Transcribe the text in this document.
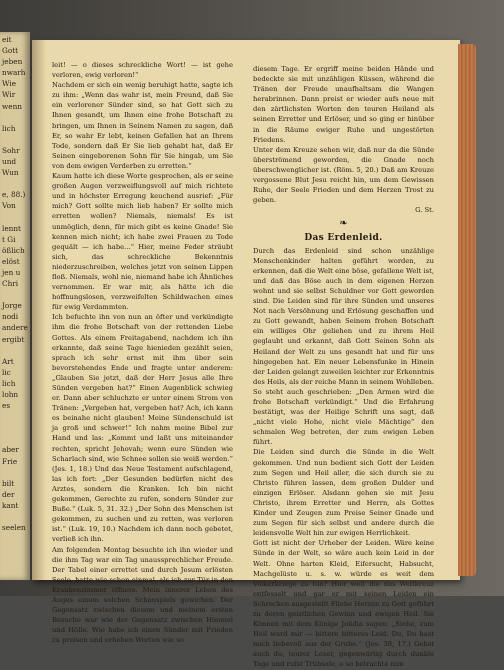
eit
Gott
jeben
nwarh
Wie
Wir
wenn

lich

Sohr
und
Wun

e, 88.)
Von

lennt
t Gi
ößlich
elöst
jen u
Chri

Jorge
nodi
andere
ergibt

Art
lic
lich
lohn
es

aber
Frie

bilt
der
kant

seelen

leit! — o dieses schreckliche Wort! — ist gehe verloren, ewig verloren!“

Nachdem er sich ein wenig beruhigt hatte, sagte ich zu ihm: „Wenn das wahr ist, mein Freund, daß Sie ein verlorener Sünder sind, so hat Gott sich zu Ihnen gesandt, um Ihnen eine frohe Botschaft zu bringen, um Ihnen in Seinem Namen zu sagen, daß Er, so wahr Er lebt, keinen Gefallen hat an Ihrem Tode, sondern daß Er Sie lieb gehabt hat, daß Er Seinen eingeborenen Sohn für Sie hingab, um Sie von dem ewigen Verderben zu erretten.“

Kaum hatte ich diese Worte gesprochen, als er seine großen Augen verzweiflungsvoll auf mich richtete und in höchster Erregung keuchend ausrief: „Für mich? Gott sollte mich lieb haben? Er sollte mich erretten wollen? Niemals, niemals! Es ist unmöglich, denn, für mich gibt es keine Gnade! Sie kennen mich nicht; ich habe zwei Frauen zu Tode gequält — ich habe...“ Hier, meine Feder sträubt sich, das schreckliche Bekenntnis niederzuschreiben, welches jetzt von seinen Lippen floß. Niemals, wohl nie, niemand habe ich Ähnliches vernommen. Er war mir, als hätte ich die hoffnungslosen, verzweifelten Schildwachen eines für ewig Verdammten.

Ich befuchte ihn von nun an öfter und verkündigte ihm die frohe Botschaft von der rettenden Liebe Gottes. Als einem Freitagabend, nachdem ich ihn erkannte, daß seine Tage hienieden gezählt seien, sprach ich sehr ernst mit ihm über sein bevorstehendes Ende und fragte unter anderem: „Glauben Sie jetzt, daß der Herr Jesus alle Ihre Sünden vergeben hat?“ Einen Augenblick schwieg er. Dann aber schluchzte er unter einem Strom von Tränen: „Vergeben hat, vergeben hat? Ach, ich kann es beinahe nicht glauben! Meine Sündenschuld ist ja groß und schwer!“ Ich nahm meine Bibel zur Hand und las: „Kommt und laßt uns miteinander rechten, spricht Jehovah; wenn eure Sünden wie Scharlach sind, wie Schnee sollen sie weiß werden.“ (Jes. 1, 18.) Und das Neue Testament aufschlagend, las ich fort: „Der Gesunden bedürfen nicht des Arztes, sondern die Kranken. Ich bin nicht gekommen, Gerechte zu rufen, sondern Sünder zur Buße.“ (Luk. 5, 31. 32.) „Der Sohn des Menschen ist gekommen, zu suchen und zu retten, was verloren ist.“ (Luk. 19, 10.) Nachdem ich dann noch gebetet, verließ ich ihn.

Am folgenden Montag besuchte ich ihn wieder und die ihm Tag war ein Tag unaussprechlicher Freude. Der Tabel einer errettet und durch Jesum erlösten Seele, hatte wie schon einmal, als ich zur Tür in den Krankenzimmer öffnete. Mein innerer Leben des Auges einem solchen Schauspiels gewichen. Der Gegensatz zwischen diesem und meinem ersten Besuche war wie der Gegensatz zwischen Himmel und Hölle. Wie habe ich einen Sünder mit Frieden zu preisen und erheben Worten wie so

diesem Tage. Er ergriff meine beiden Hände und bedeckte sie mit unzähligen Küssen, während die Tränen der Freude unaufhaltsam die Wangen herabrinnen. Dann preist er wieder aufs neue mit den zärtlichsten Worten den teuren Heiland als seinen Erretter und Erlöser, und so ging er hinüber in die Räume ewiger Ruhe und ungestörten Friedens.

Unter dem Kreuze sehen wir, daß nur da die Sünde überströmend geworden, die Gnade noch überschwenglicher ist. (Röm. 5, 20.) Daß am Kreuze vergossene Blut Jesu reicht hin, um dem Gewissen Ruhe, der Seele Frieden und dem Herzen Trost zu geben.

G. St.

❧
Das Erdenleid.

Durch das Erdenleid sind schon unzählige Menschenkinder halten geführt worden, zu erkennen, daß die Welt eine böse, gefallene Welt ist, und daß das Böse auch in dem eigenen Herzen wohnt und sie selbst Schuldner vor Gott geworden sind. Die Leiden sind für ihre Sünden und unseres Not nach Versöhnung und Erlösung geschaffen und zu Gott gewandt, haben Seinem frohen Botschaft ein williges Ohr geliehen und zu ihrem Heil geglaubt und erkannt, daß Gott Seinen Sohn als Heiland der Welt zu uns gesandt hat und für uns hingegeben hat. Ein neuer Lebensfunke in Hinein der Leiden gelangt zuweilen leichter zur Erkenntnis des Heils, als der reiche Mann in seinem Wohlleben. So steht auch geschrieben: „Den Armen wird die frohe Botschaft verkündigt.“ Und die Erfahrung bestätigt, was der Heilige Schrift uns sagt, daß „nicht viele Hohe, nicht viele Mächtige“ den schmalen Weg betreten, der zum ewigen Leben führt.

Die Leiden sind durch die Sünde in die Welt gekommen. Und nun bedient sich Gott der Leiden zum Segen und Heil aller, die sich durch sie zu Christo führen lassen, dem großen Dulder und einzigen Erlöser. Alsdann gehen sie mit Jesu Christo, ihrem Erretter und Herrn, als Gottes Kinder und Zeugen zum Preise Seiner Gnade und zum Segen für sich selbst und andere durch die leidensvolle Welt hin zur ewigen Herrlichkeit.

Gott ist nicht der Urheber der Leiden. Wäre keine Sünde in der Welt, so wäre auch kein Leid in der Welt. Ohne harten Kleid, Eifersucht, Habsucht, Machgelüste u. s. w. würde es weit dem Völkerkriege zu tun? Hier weit die das Weltkreuz entfesselt und gar er mit seinen Leiden ein Schrecken ausgestellt Fliehe Herzen zu Gott geführt zu deren geistlichen Gewinn und ewigen Heil. Sie Können mit dem Könige Jolidia sagen: „Siehe, zum Heil ward mir — bittere bitteres Leid. Du, Du hast mich liebevoll aus der Grube.“ (Jes. 38, 17.) Gehst auch du, teurer Leser, gegenwärtig durch dunkle Tage und rufst Trübsale, o so betrachte nun
